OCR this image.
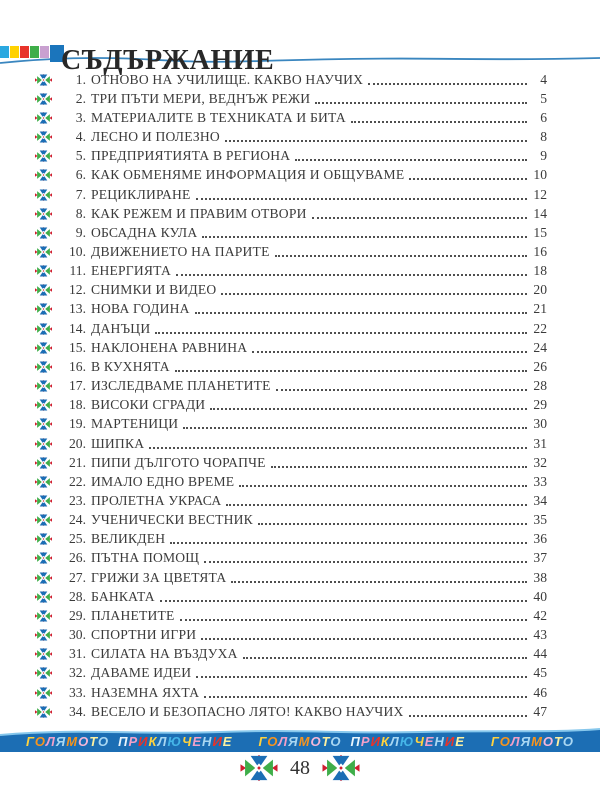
СЪДЪРЖАНИЕ
1. ОТНОВО НА УЧИЛИЩЕ. КАКВО НАУЧИХ	4
2. ТРИ ПЪТИ МЕРИ, ВЕДНЪЖ РЕЖИ	5
3. МАТЕРИАЛИТЕ В ТЕХНИКАТА И БИТА	6
4. ЛЕСНО И ПОЛЕЗНО	8
5. ПРЕДПРИЯТИЯТА В РЕГИОНА	9
6. КАК ОБМЕНЯМЕ ИНФОРМАЦИЯ И ОБЩУВАМЕ	10
7. РЕЦИКЛИРАНЕ	12
8. КАК РЕЖЕМ И ПРАВИМ ОТВОРИ	14
9. ОБСАДНА КУЛА	15
10. ДВИЖЕНИЕТО НА ПАРИТЕ	16
11. ЕНЕРГИЯТА	18
12. СНИМКИ И ВИДЕО	20
13. НОВА ГОДИНА	21
14. ДАНЪЦИ	22
15. НАКЛОНЕНА РАВНИНА	24
16. В КУХНЯТА	26
17. ИЗСЛЕДВАМЕ ПЛАНЕТИТЕ	28
18. ВИСОКИ СГРАДИ	29
19. МАРТЕНИЦИ	30
20. ШИПКА	31
21. ПИПИ ДЪЛГОТО ЧОРАПЧЕ	32
22. ИМАЛО ЕДНО ВРЕМЕ	33
23. ПРОЛЕТНА УКРАСА	34
24. УЧЕНИЧЕСКИ ВЕСТНИК	35
25. ВЕЛИКДЕН	36
26. ПЪТНА ПОМОЩ	37
27. ГРИЖИ ЗА ЦВЕТЯТА	38
28. БАНКАТА	40
29. ПЛАНЕТИТЕ	42
30. СПОРТНИ ИГРИ	43
31. СИЛАТА НА ВЪЗДУХА	44
32. ДАВАМЕ ИДЕИ	45
33. НАЗЕМНА ЯХТА	46
34. ВЕСЕЛО И БЕЗОПАСНО ЛЯТО! КАКВО НАУЧИХ	47
ГОЛЯМОТО ПРИКЛЮЧЕНИЕ ГОЛЯМОТО ПРИКЛЮЧЕНИЕ ГОЛЯМОТО
48
